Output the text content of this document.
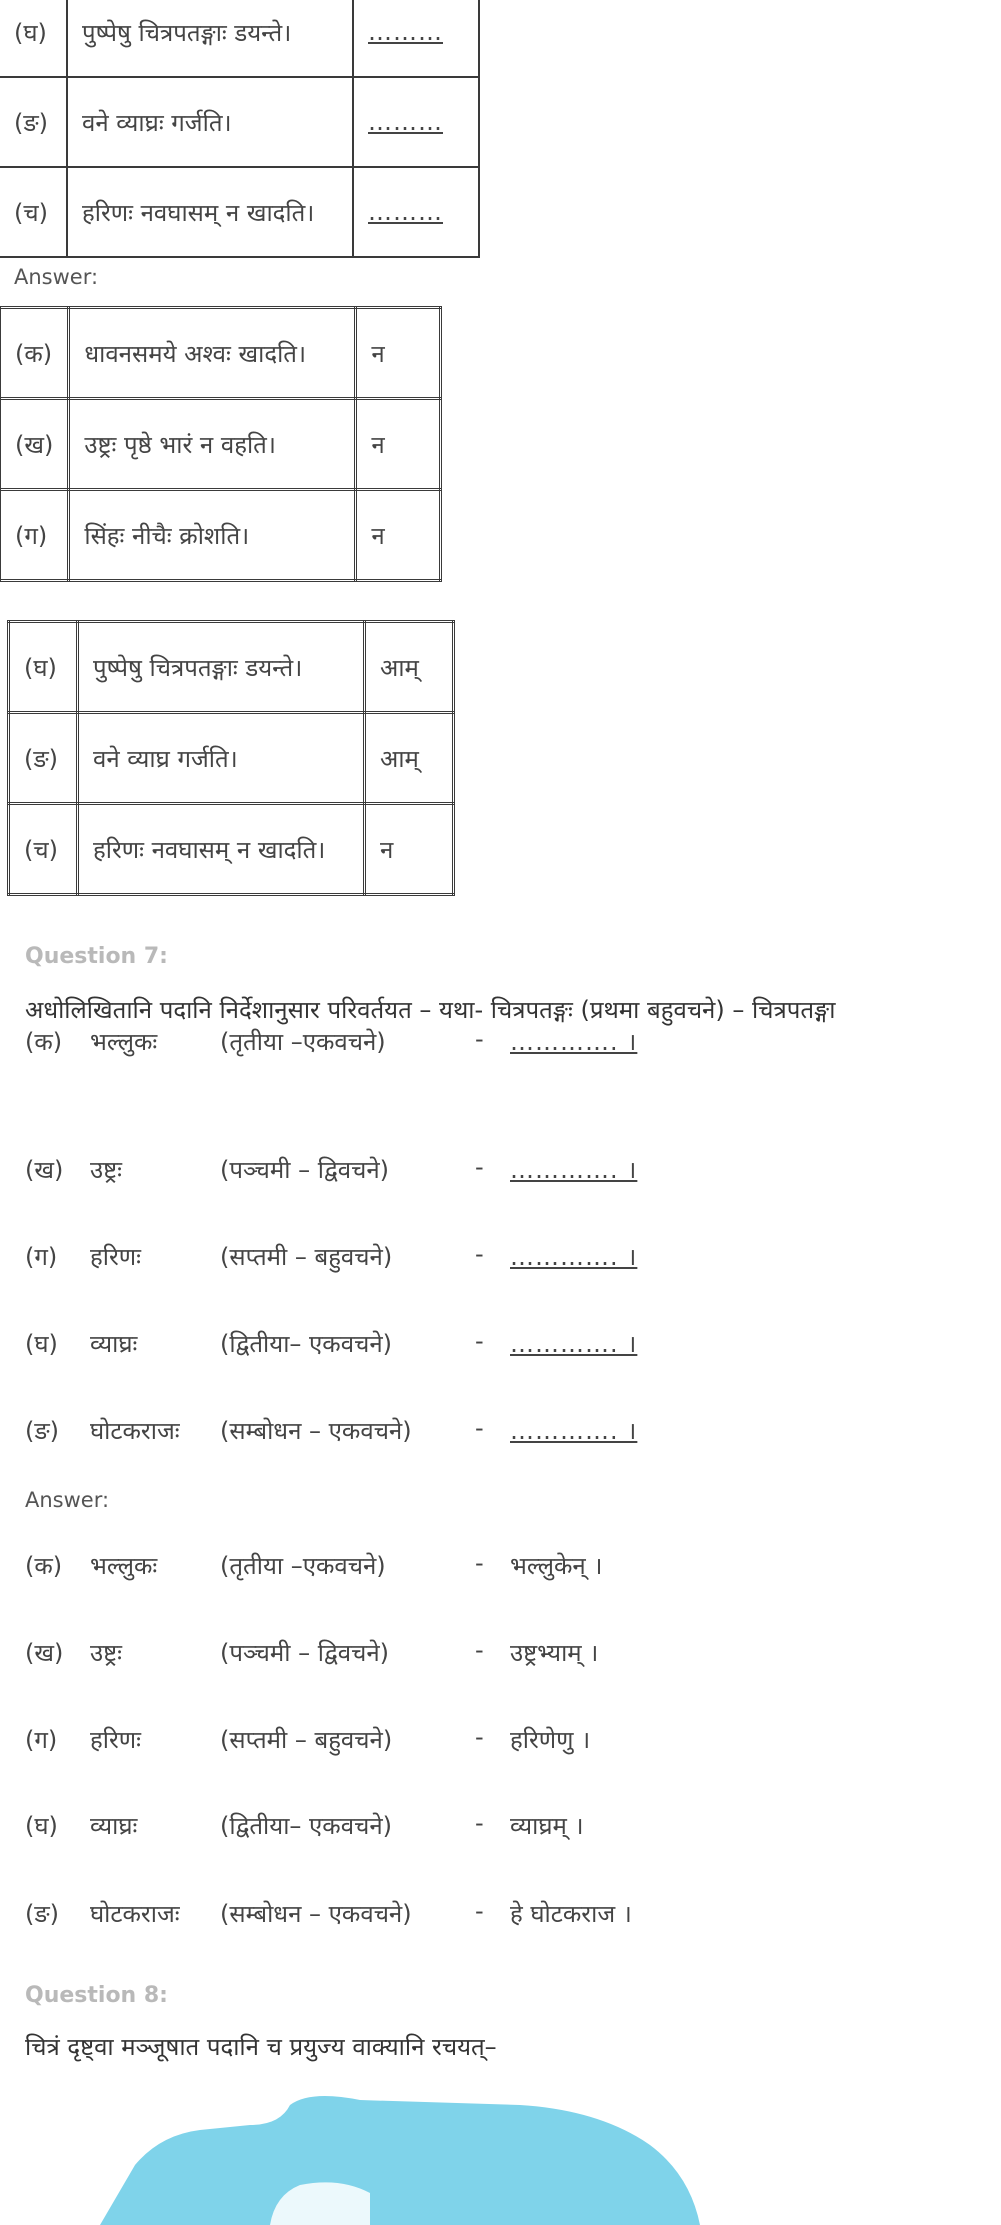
(घ)	पुष्पेषु चित्रपतङ्गाः डयन्ते।	………
(ङ)	वने व्याघ्रः गर्जति।	………
(च)	हरिणः नवघासम् न खादति।	………
Answer:
(क)	धावनसमये अश्वः खादति।	न
(ख)	उष्ट्रः पृष्ठे भारं न वहति।	न
(ग)	सिंहः नीचैः क्रोशति।	न
(घ)	पुष्पेषु चित्रपतङ्गाः डयन्ते।	आम्
(ङ)	वने व्याघ्र गर्जति।	आम्
(च)	हरिणः नवघासम् न खादति।	न
Question 7:
अधोलिखितानि पदानि निर्देशानुसार परिवर्तयत – यथा- चित्रपतङ्गः (प्रथमा बहुवचने) – चित्रपतङ्गा
(क) भल्लुकः	(तृतीया –एकवचने)	- …………. ।
(ख) उष्ट्रः	(पञ्चमी – द्विवचने)	- …………. ।
(ग) हरिणः	(सप्तमी – बहुवचने)	- …………. ।
(घ) व्याघ्रः	(द्वितीया– एकवचने)	- …………. ।
(ङ) घोटकराजः (सम्बोधन – एकवचने)	- …………. ।
Answer:
(क) भल्लुकः	(तृतीया –एकवचने)	- भल्लुकेन् ।
(ख) उष्ट्रः	(पञ्चमी – द्विवचने)	- उष्ट्रभ्याम् ।
(ग) हरिणः	(सप्तमी – बहुवचने)	- हरिणेणु ।
(घ) व्याघ्रः	(द्वितीया– एकवचने)	- व्याघ्रम् ।
(ङ) घोटकराजः (सम्बोधन – एकवचने)	- हे घोटकराज ।
Question 8:
चित्रं दृष्ट्वा मञ्जूषात पदानि च प्रयुज्य वाक्यानि रचयत्–
